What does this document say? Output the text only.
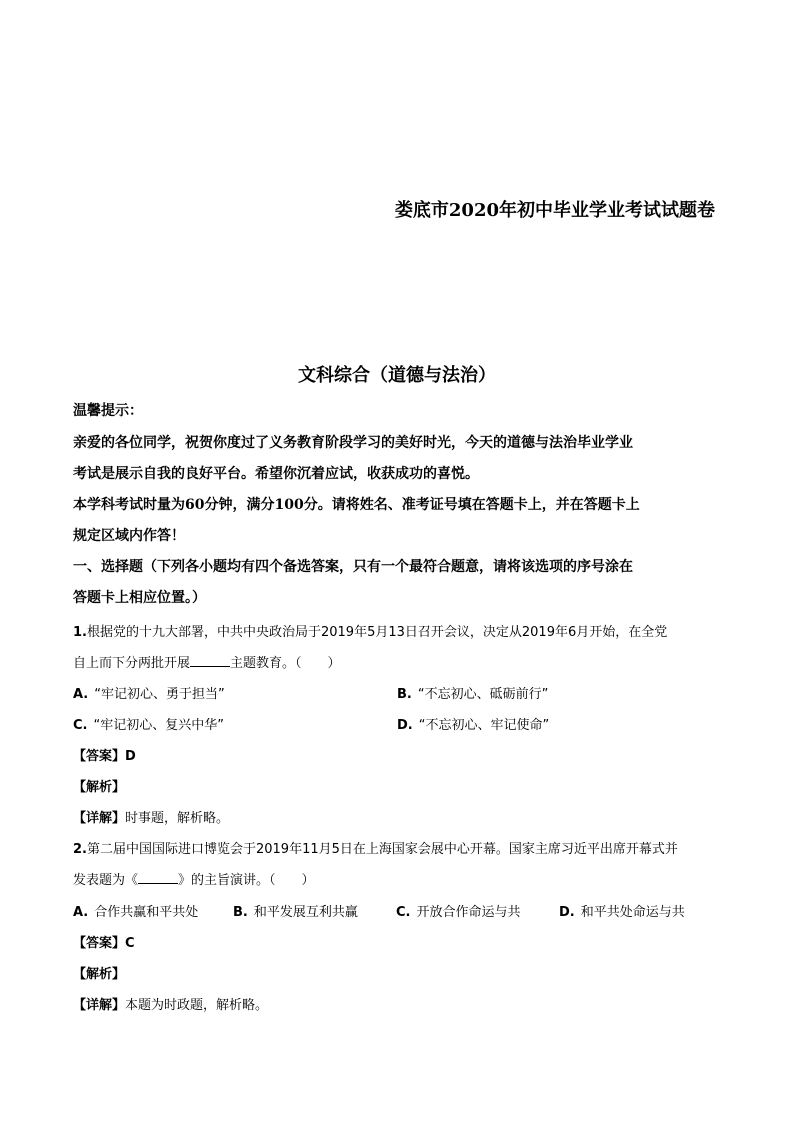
娄底市2020年初中毕业学业考试试题卷
文科综合（道德与法治）
温馨提示：
亲爱的各位同学，祝贺你度过了义务教育阶段学习的美好时光，今天的道德与法治毕业学业
考试是展示自我的良好平台。希望你沉着应试，收获成功的喜悦。
本学科考试时量为60分钟，满分100分。请将姓名、准考证号填在答题卡上，并在答题卡上
规定区域内作答！
一、选择题（下列各小题均有四个备选答案，只有一个最符合题意，请将该选项的序号涂在
答题卡上相应位置。）
1.根据党的十九大部署，中共中央政治局于2019年5月13日召开会议，决定从2019年6月开始，在全党
自上而下分两批开展	主题教育。（　　）
A. “牢记初心、勇于担当”	B. “不忘初心、砥砺前行”
C. “牢记初心、复兴中华”	D. “不忘初心、牢记使命”
【答案】D
【解析】
【详解】时事题，解析略。
2.第二届中国国际进口博览会于2019年11月5日在上海国家会展中心开幕。国家主席习近平出席开幕式并
发表题为《	》的主旨演讲。（　　）
A. 合作共赢和平共处	B. 和平发展互利共赢	C. 开放合作命运与共	D. 和平共处命运与共
【答案】C
【解析】
【详解】本题为时政题，解析略。
